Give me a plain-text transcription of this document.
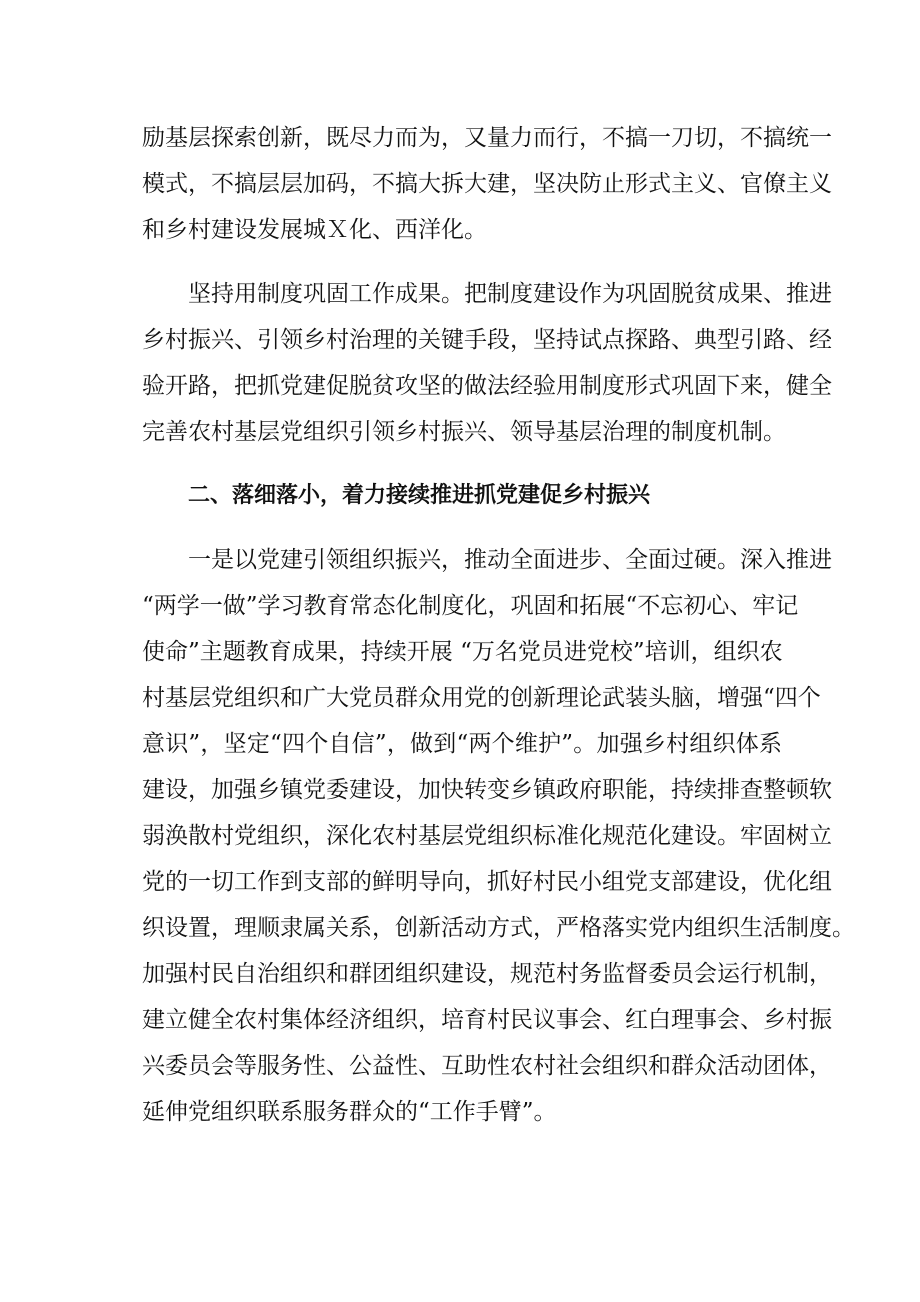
励基层探索创新，既尽力而为，又量力而行，不搞一刀切，不搞统一
模式，不搞层层加码，不搞大拆大建，坚决防止形式主义、官僚主义
和乡村建设发展城Ｘ化、西洋化。
坚持用制度巩固工作成果。把制度建设作为巩固脱贫成果、推进
乡村振兴、引领乡村治理的关键手段，坚持试点探路、典型引路、经
验开路，把抓党建促脱贫攻坚的做法经验用制度形式巩固下来，健全
完善农村基层党组织引领乡村振兴、领导基层治理的制度机制。
二、落细落小，着力接续推进抓党建促乡村振兴
一是以党建引领组织振兴，推动全面进步、全面过硬。深入推进
“两学一做”学习教育常态化制度化，巩固和拓展“不忘初心、牢记
使命”主题教育成果，持续开展 “万名党员进党校”培训，组织农
村基层党组织和广大党员群众用党的创新理论武装头脑，增强“四个
意识”，坚定“四个自信”，做到“两个维护”。加强乡村组织体系
建设，加强乡镇党委建设，加快转变乡镇政府职能，持续排查整顿软
弱涣散村党组织，深化农村基层党组织标准化规范化建设。牢固树立
党的一切工作到支部的鲜明导向，抓好村民小组党支部建设，优化组
织设置，理顺隶属关系，创新活动方式，严格落实党内组织生活制度。
加强村民自治组织和群团组织建设，规范村务监督委员会运行机制，
建立健全农村集体经济组织，培育村民议事会、红白理事会、乡村振
兴委员会等服务性、公益性、互助性农村社会组织和群众活动团体，
延伸党组织联系服务群众的“工作手臂”。
